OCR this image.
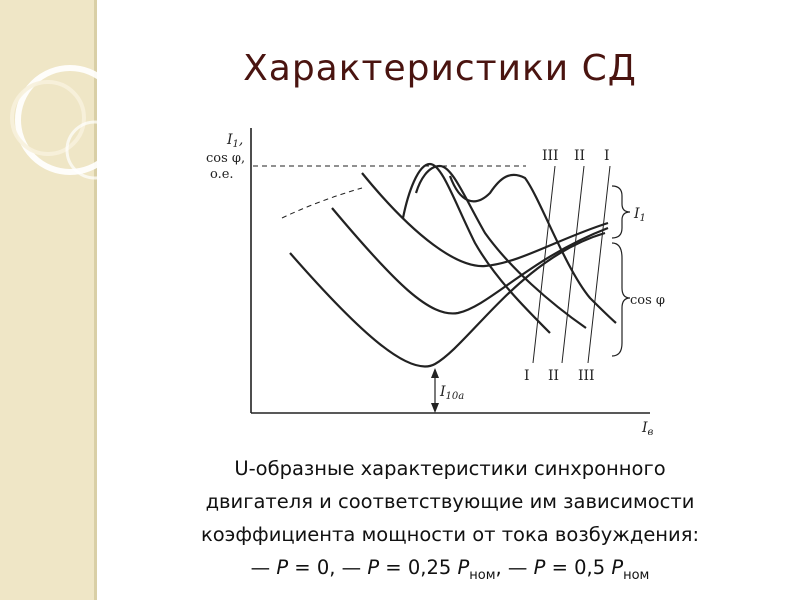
Характеристики СД
$I_1$,
cos φ,
o.e.
$I_в$
III II I
I II III
$I_1$
cos φ
$I_{10a}$
U-образные характеристики синхронного
двигателя и соответствующие им зависимости
коэффициента мощности от тока возбуждения:
— P = 0, — P = 0,25 $P_{ном}$, — P = 0,5 $P_{ном}$
